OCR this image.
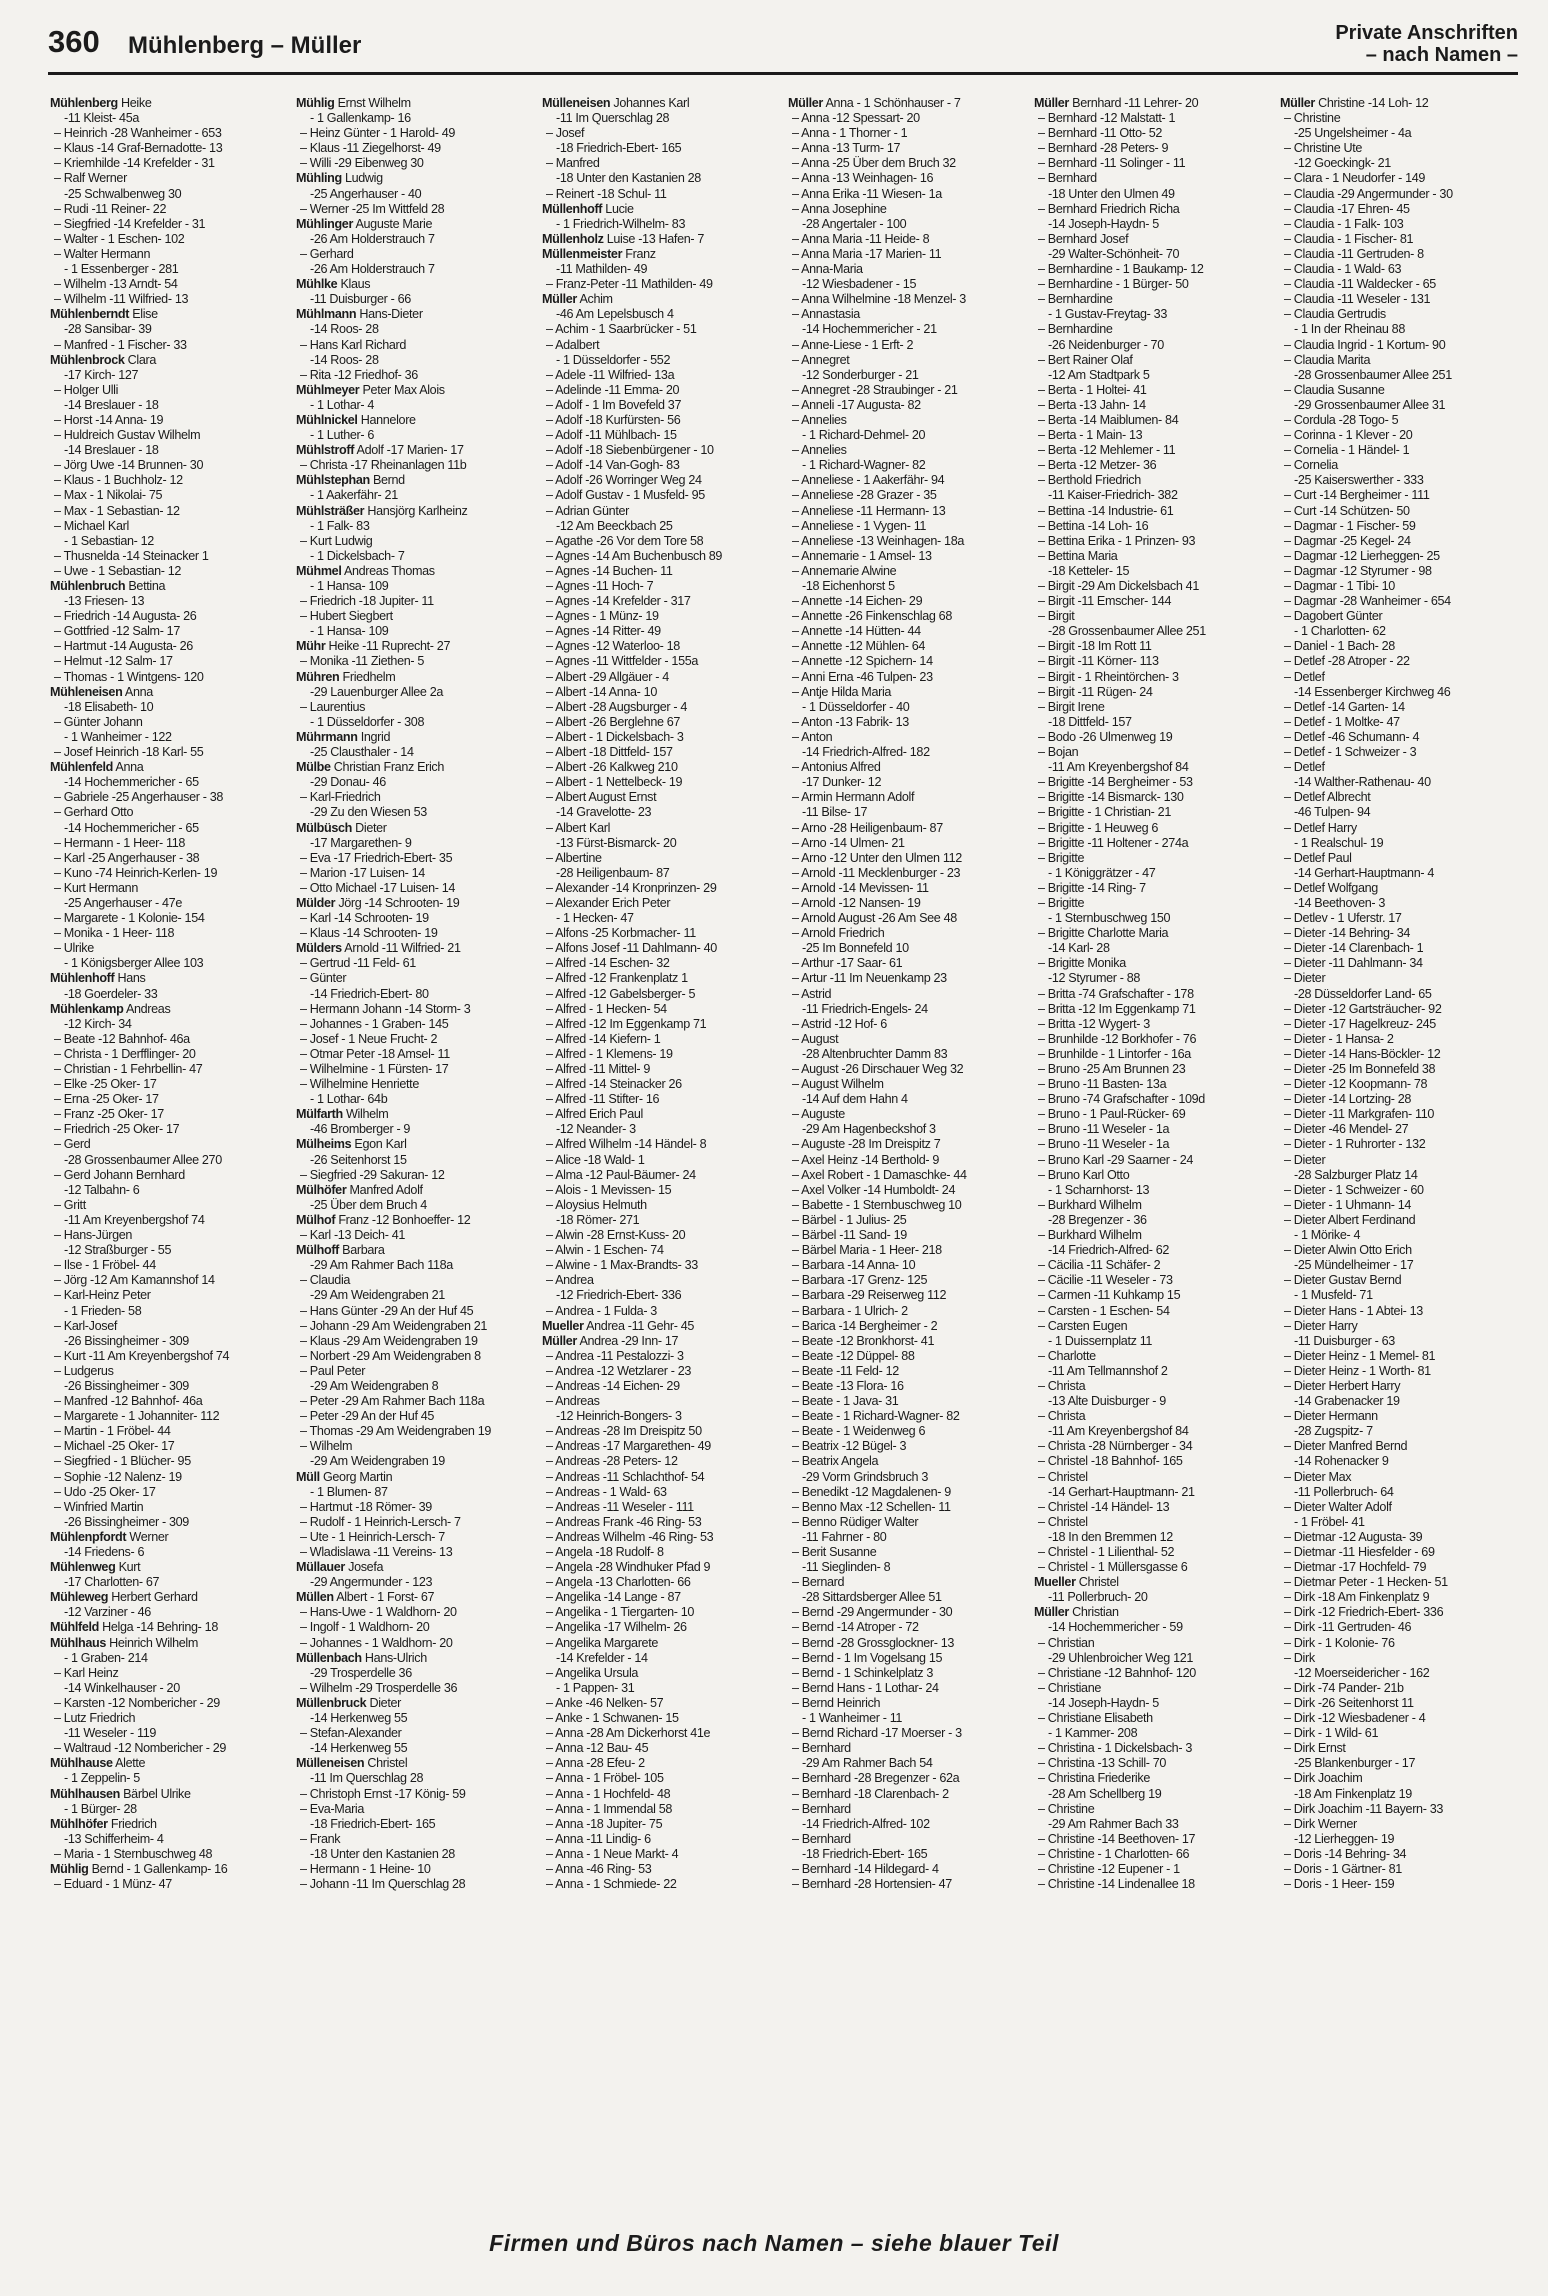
360 Mühlenberg – Müller	Private Anschriften
– nach Namen –
Mühlenberg Heike
-11 Kleist- 45a
– Heinrich -28 Wanheimer - 653
– Klaus -14 Graf-Bernadotte- 13
– Kriemhilde -14 Krefelder - 31
– Ralf Werner
-25 Schwalbenweg 30
– Rudi -11 Reiner- 22
– Siegfried -14 Krefelder - 31
– Walter - 1 Eschen- 102
– Walter Hermann
- 1 Essenberger - 281
– Wilhelm -13 Arndt- 54
– Wilhelm -11 Wilfried- 13
Mühlenberndt Elise
-28 Sansibar- 39
– Manfred - 1 Fischer- 33
Mühlenbrock Clara
-17 Kirch- 127
– Holger Ulli
-14 Breslauer - 18
– Horst -14 Anna- 19
– Huldreich Gustav Wilhelm
-14 Breslauer - 18
– Jörg Uwe -14 Brunnen- 30
– Klaus - 1 Buchholz- 12
– Max - 1 Nikolai- 75
– Max - 1 Sebastian- 12
– Michael Karl
- 1 Sebastian- 12
– Thusnelda -14 Steinacker 1
– Uwe - 1 Sebastian- 12
Mühlenbruch Bettina
-13 Friesen- 13
– Friedrich -14 Augusta- 26
– Gottfried -12 Salm- 17
– Hartmut -14 Augusta- 26
– Helmut -12 Salm- 17
– Thomas - 1 Wintgens- 120
Mühleneisen Anna
-18 Elisabeth- 10
– Günter Johann
- 1 Wanheimer - 122
– Josef Heinrich -18 Karl- 55
Mühlenfeld Anna
-14 Hochemmericher - 65
– Gabriele -25 Angerhauser - 38
– Gerhard Otto
-14 Hochemmericher - 65
– Hermann - 1 Heer- 118
– Karl -25 Angerhauser - 38
– Kuno -74 Heinrich-Kerlen- 19
– Kurt Hermann
-25 Angerhauser - 47e
– Margarete - 1 Kolonie- 154
– Monika - 1 Heer- 118
– Ulrike
- 1 Königsberger Allee 103
Mühlenhoff Hans
-18 Goerdeler- 33
Mühlenkamp Andreas
-12 Kirch- 34
– Beate -12 Bahnhof- 46a
– Christa - 1 Derfflinger- 20
– Christian - 1 Fehrbellin- 47
– Elke -25 Oker- 17
– Erna -25 Oker- 17
– Franz -25 Oker- 17
– Friedrich -25 Oker- 17
– Gerd
-28 Grossenbaumer Allee 270
– Gerd Johann Bernhard
-12 Talbahn- 6
– Gritt
-11 Am Kreyenbergshof 74
– Hans-Jürgen
-12 Straßburger - 55
– Ilse - 1 Fröbel- 44
– Jörg -12 Am Kamannshof 14
– Karl-Heinz Peter
- 1 Frieden- 58
– Karl-Josef
-26 Bissingheimer - 309
– Kurt -11 Am Kreyenbergshof 74
– Ludgerus
-26 Bissingheimer - 309
– Manfred -12 Bahnhof- 46a
– Margarete - 1 Johanniter- 112
– Martin - 1 Fröbel- 44
– Michael -25 Oker- 17
– Siegfried - 1 Blücher- 95
– Sophie -12 Nalenz- 19
– Udo -25 Oker- 17
– Winfried Martin
-26 Bissingheimer - 309
Mühlenpfordt Werner
-14 Friedens- 6
Mühlenweg Kurt
-17 Charlotten- 67
Mühleweg Herbert Gerhard
-12 Varziner - 46
Mühlfeld Helga -14 Behring- 18
Mühlhaus Heinrich Wilhelm
- 1 Graben- 214
– Karl Heinz
-14 Winkelhauser - 20
– Karsten -12 Nombericher - 29
– Lutz Friedrich
-11 Weseler - 119
– Waltraud -12 Nombericher - 29
Mühlhause Alette
- 1 Zeppelin- 5
Mühlhausen Bärbel Ulrike
- 1 Bürger- 28
Mühlhöfer Friedrich
-13 Schifferheim- 4
– Maria - 1 Sternbuschweg 48
Mühlig Bernd - 1 Gallenkamp- 16
– Eduard - 1 Münz- 47
Mühlig Ernst Wilhelm
- 1 Gallenkamp- 16
– Heinz Günter - 1 Harold- 49
– Klaus -11 Ziegelhorst- 49
– Willi -29 Eibenweg 30
Mühling Ludwig
-25 Angerhauser - 40
– Werner -25 Im Wittfeld 28
Mühlinger Auguste Marie
-26 Am Holderstrauch 7
– Gerhard
-26 Am Holderstrauch 7
Mühlke Klaus
-11 Duisburger - 66
Mühlmann Hans-Dieter
-14 Roos- 28
– Hans Karl Richard
-14 Roos- 28
– Rita -12 Friedhof- 36
Mühlmeyer Peter Max Alois
- 1 Lothar- 4
Mühlnickel Hannelore
- 1 Luther- 6
Mühlstroff Adolf -17 Marien- 17
– Christa -17 Rheinanlagen 11b
Mühlstephan Bernd
- 1 Aakerfähr- 21
Mühlsträßer Hansjörg Karlheinz
- 1 Falk- 83
– Kurt Ludwig
- 1 Dickelsbach- 7
Mühmel Andreas Thomas
- 1 Hansa- 109
– Friedrich -18 Jupiter- 11
– Hubert Siegbert
- 1 Hansa- 109
Mühr Heike -11 Ruprecht- 27
– Monika -11 Ziethen- 5
Mühren Friedhelm
-29 Lauenburger Allee 2a
– Laurentius
- 1 Düsseldorfer - 308
Mührmann Ingrid
-25 Clausthaler - 14
Mülbe Christian Franz Erich
-29 Donau- 46
– Karl-Friedrich
-29 Zu den Wiesen 53
Mülbüsch Dieter
-17 Margarethen- 9
– Eva -17 Friedrich-Ebert- 35
– Marion -17 Luisen- 14
– Otto Michael -17 Luisen- 14
Mülder Jörg -14 Schrooten- 19
– Karl -14 Schrooten- 19
– Klaus -14 Schrooten- 19
Mülders Arnold -11 Wilfried- 21
– Gertrud -11 Feld- 61
– Günter
-14 Friedrich-Ebert- 80
– Hermann Johann -14 Storm- 3
– Johannes - 1 Graben- 145
– Josef - 1 Neue Frucht- 2
– Otmar Peter -18 Amsel- 11
– Wilhelmine - 1 Fürsten- 17
– Wilhelmine Henriette
- 1 Lothar- 64b
Mülfarth Wilhelm
-46 Bromberger - 9
Mülheims Egon Karl
-26 Seitenhorst 15
– Siegfried -29 Sakuran- 12
Mülhöfer Manfred Adolf
-25 Über dem Bruch 4
Mülhof Franz -12 Bonhoeffer- 12
– Karl -13 Deich- 41
Mülhoff Barbara
-29 Am Rahmer Bach 118a
– Claudia
-29 Am Weidengraben 21
– Hans Günter -29 An der Huf 45
– Johann -29 Am Weidengraben 21
– Klaus -29 Am Weidengraben 19
– Norbert -29 Am Weidengraben 8
– Paul Peter
-29 Am Weidengraben 8
– Peter -29 Am Rahmer Bach 118a
– Peter -29 An der Huf 45
– Thomas -29 Am Weidengraben 19
– Wilhelm
-29 Am Weidengraben 19
Müll Georg Martin
- 1 Blumen- 87
– Hartmut -18 Römer- 39
– Rudolf - 1 Heinrich-Lersch- 7
– Ute - 1 Heinrich-Lersch- 7
– Wladislawa -11 Vereins- 13
Müllauer Josefa
-29 Angermunder - 123
Müllen Albert - 1 Forst- 67
– Hans-Uwe - 1 Waldhorn- 20
– Ingolf - 1 Waldhorn- 20
– Johannes - 1 Waldhorn- 20
Müllenbach Hans-Ulrich
-29 Trosperdelle 36
– Wilhelm -29 Trosperdelle 36
Müllenbruck Dieter
-14 Herkenweg 55
– Stefan-Alexander
-14 Herkenweg 55
Mülleneisen Christel
-11 Im Querschlag 28
– Christoph Ernst -17 König- 59
– Eva-Maria
-18 Friedrich-Ebert- 165
– Frank
-18 Unter den Kastanien 28
– Hermann - 1 Heine- 10
– Johann -11 Im Querschlag 28
Mülleneisen Johannes Karl
-11 Im Querschlag 28
– Josef
-18 Friedrich-Ebert- 165
– Manfred
-18 Unter den Kastanien 28
– Reinert -18 Schul- 11
Müllenhoff Lucie
- 1 Friedrich-Wilhelm- 83
Müllenholz Luise -13 Hafen- 7
Müllenmeister Franz
-11 Mathilden- 49
– Franz-Peter -11 Mathilden- 49
Müller Achim
-46 Am Lepelsbusch 4
– Achim - 1 Saarbrücker - 51
– Adalbert
- 1 Düsseldorfer - 552
– Adele -11 Wilfried- 13a
– Adelinde -11 Emma- 20
– Adolf - 1 Im Bovefeld 37
– Adolf -18 Kurfürsten- 56
– Adolf -11 Mühlbach- 15
– Adolf -18 Siebenbürgener - 10
– Adolf -14 Van-Gogh- 83
– Adolf -26 Worringer Weg 24
– Adolf Gustav - 1 Musfeld- 95
– Adrian Günter
-12 Am Beeckbach 25
– Agathe -26 Vor dem Tore 58
– Agnes -14 Am Buchenbusch 89
– Agnes -14 Buchen- 11
– Agnes -11 Hoch- 7
– Agnes -14 Krefelder - 317
– Agnes - 1 Münz- 19
– Agnes -14 Ritter- 49
– Agnes -12 Waterloo- 18
– Agnes -11 Wittfelder - 155a
– Albert -29 Allgäuer - 4
– Albert -14 Anna- 10
– Albert -28 Augsburger - 4
– Albert -26 Berglehne 67
– Albert - 1 Dickelsbach- 3
– Albert -18 Dittfeld- 157
– Albert -26 Kalkweg 210
– Albert - 1 Nettelbeck- 19
– Albert August Ernst
-14 Gravelotte- 23
– Albert Karl
-13 Fürst-Bismarck- 20
– Albertine
-28 Heiligenbaum- 87
– Alexander -14 Kronprinzen- 29
– Alexander Erich Peter
- 1 Hecken- 47
– Alfons -25 Korbmacher- 11
– Alfons Josef -11 Dahlmann- 40
– Alfred -14 Eschen- 32
– Alfred -12 Frankenplatz 1
– Alfred -12 Gabelsberger- 5
– Alfred - 1 Hecken- 54
– Alfred -12 Im Eggenkamp 71
– Alfred -14 Kiefern- 1
– Alfred - 1 Klemens- 19
– Alfred -11 Mittel- 9
– Alfred -14 Steinacker 26
– Alfred -11 Stifter- 16
– Alfred Erich Paul
-12 Neander- 3
– Alfred Wilhelm -14 Händel- 8
– Alice -18 Wald- 1
– Alma -12 Paul-Bäumer- 24
– Alois - 1 Mevissen- 15
– Aloysius Helmuth
-18 Römer- 271
– Alwin -28 Ernst-Kuss- 20
– Alwin - 1 Eschen- 74
– Alwine - 1 Max-Brandts- 33
– Andrea
-12 Friedrich-Ebert- 336
– Andrea - 1 Fulda- 3
Mueller Andrea -11 Gehr- 45
Müller Andrea -29 Inn- 17
– Andrea -11 Pestalozzi- 3
– Andrea -12 Wetzlarer - 23
– Andreas -14 Eichen- 29
– Andreas
-12 Heinrich-Bongers- 3
– Andreas -28 Im Dreispitz 50
– Andreas -17 Margarethen- 49
– Andreas -28 Peters- 12
– Andreas -11 Schlachthof- 54
– Andreas - 1 Wald- 63
– Andreas -11 Weseler - 111
– Andreas Frank -46 Ring- 53
– Andreas Wilhelm -46 Ring- 53
– Angela -18 Rudolf- 8
– Angela -28 Windhuker Pfad 9
– Angela -13 Charlotten- 66
– Angelika -14 Lange - 87
– Angelika - 1 Tiergarten- 10
– Angelika -17 Wilhelm- 26
– Angelika Margarete
-14 Krefelder - 14
– Angelika Ursula
- 1 Pappen- 31
– Anke -46 Nelken- 57
– Anke - 1 Schwanen- 15
– Anna -28 Am Dickerhorst 41e
– Anna -12 Bau- 45
– Anna -28 Efeu- 2
– Anna - 1 Fröbel- 105
– Anna - 1 Hochfeld- 48
– Anna - 1 Immendal 58
– Anna -18 Jupiter- 75
– Anna -11 Lindig- 6
– Anna - 1 Neue Markt- 4
– Anna -46 Ring- 53
– Anna - 1 Schmiede- 22
Müller Anna - 1 Schönhauser - 7
– Anna -12 Spessart- 20
– Anna - 1 Thorner - 1
– Anna -13 Turm- 17
– Anna -25 Über dem Bruch 32
– Anna -13 Weinhagen- 16
– Anna Erika -11 Wiesen- 1a
– Anna Josephine
-28 Angertaler - 100
– Anna Maria -11 Heide- 8
– Anna Maria -17 Marien- 11
– Anna-Maria
-12 Wiesbadener - 15
– Anna Wilhelmine -18 Menzel- 3
– Annastasia
-14 Hochemmericher - 21
– Anne-Liese - 1 Erft- 2
– Annegret
-12 Sonderburger - 21
– Annegret -28 Straubinger - 21
– Anneli -17 Augusta- 82
– Annelies
- 1 Richard-Dehmel- 20
– Annelies
- 1 Richard-Wagner- 82
– Anneliese - 1 Aakerfähr- 94
– Anneliese -28 Grazer - 35
– Anneliese -11 Hermann- 13
– Anneliese - 1 Vygen- 11
– Anneliese -13 Weinhagen- 18a
– Annemarie - 1 Amsel- 13
– Annemarie Alwine
-18 Eichenhorst 5
– Annette -14 Eichen- 29
– Annette -26 Finkenschlag 68
– Annette -14 Hütten- 44
– Annette -12 Mühlen- 64
– Annette -12 Spichern- 14
– Anni Erna -46 Tulpen- 23
– Antje Hilda Maria
- 1 Düsseldorfer - 40
– Anton -13 Fabrik- 13
– Anton
-14 Friedrich-Alfred- 182
– Antonius Alfred
-17 Dunker- 12
– Armin Hermann Adolf
-11 Bilse- 17
– Arno -28 Heiligenbaum- 87
– Arno -14 Ulmen- 21
– Arno -12 Unter den Ulmen 112
– Arnold -11 Mecklenburger - 23
– Arnold -14 Mevissen- 11
– Arnold -12 Nansen- 19
– Arnold August -26 Am See 48
– Arnold Friedrich
-25 Im Bonnefeld 10
– Arthur -17 Saar- 61
– Artur -11 Im Neuenkamp 23
– Astrid
-11 Friedrich-Engels- 24
– Astrid -12 Hof- 6
– August
-28 Altenbruchter Damm 83
– August -26 Dirschauer Weg 32
– August Wilhelm
-14 Auf dem Hahn 4
– Auguste
-29 Am Hagenbeckshof 3
– Auguste -28 Im Dreispitz 7
– Axel Heinz -14 Berthold- 9
– Axel Robert - 1 Damaschke- 44
– Axel Volker -14 Humboldt- 24
– Babette - 1 Sternbuschweg 10
– Bärbel - 1 Julius- 25
– Bärbel -11 Sand- 19
– Bärbel Maria - 1 Heer- 218
– Barbara -14 Anna- 10
– Barbara -17 Grenz- 125
– Barbara -29 Reiserweg 112
– Barbara - 1 Ulrich- 2
– Barica -14 Bergheimer - 2
– Beate -12 Bronkhorst- 41
– Beate -12 Düppel- 88
– Beate -11 Feld- 12
– Beate -13 Flora- 16
– Beate - 1 Java- 31
– Beate - 1 Richard-Wagner- 82
– Beate - 1 Weidenweg 6
– Beatrix -12 Bügel- 3
– Beatrix Angela
-29 Vorm Grindsbruch 3
– Benedikt -12 Magdalenen- 9
– Benno Max -12 Schellen- 11
– Benno Rüdiger Walter
-11 Fahrner - 80
– Berit Susanne
-11 Sieglinden- 8
– Bernard
-28 Sittardsberger Allee 51
– Bernd -29 Angermunder - 30
– Bernd -14 Atroper - 72
– Bernd -28 Grossglockner- 13
– Bernd - 1 Im Vogelsang 15
– Bernd - 1 Schinkelplatz 3
– Bernd Hans - 1 Lothar- 24
– Bernd Heinrich
- 1 Wanheimer - 11
– Bernd Richard -17 Moerser - 3
– Bernhard
-29 Am Rahmer Bach 54
– Bernhard -28 Bregenzer - 62a
– Bernhard -18 Clarenbach- 2
– Bernhard
-14 Friedrich-Alfred- 102
– Bernhard
-18 Friedrich-Ebert- 165
– Bernhard -14 Hildegard- 4
– Bernhard -28 Hortensien- 47
Müller Bernhard -11 Lehrer- 20
– Bernhard -12 Malstatt- 1
– Bernhard -11 Otto- 52
– Bernhard -28 Peters- 9
– Bernhard -11 Solinger - 11
– Bernhard
-18 Unter den Ulmen 49
– Bernhard Friedrich Richa
-14 Joseph-Haydn- 5
– Bernhard Josef
-29 Walter-Schönheit- 70
– Bernhardine - 1 Baukamp- 12
– Bernhardine - 1 Bürger- 50
– Bernhardine
- 1 Gustav-Freytag- 33
– Bernhardine
-26 Neidenburger - 70
– Bert Rainer Olaf
-12 Am Stadtpark 5
– Berta - 1 Holtei- 41
– Berta -13 Jahn- 14
– Berta -14 Maiblumen- 84
– Berta - 1 Main- 13
– Berta -12 Mehlemer - 11
– Berta -12 Metzer- 36
– Berthold Friedrich
-11 Kaiser-Friedrich- 382
– Bettina -14 Industrie- 61
– Bettina -14 Loh- 16
– Bettina Erika - 1 Prinzen- 93
– Bettina Maria
-18 Ketteler- 15
– Birgit -29 Am Dickelsbach 41
– Birgit -11 Emscher- 144
– Birgit
-28 Grossenbaumer Allee 251
– Birgit -18 Im Rott 11
– Birgit -11 Körner- 113
– Birgit - 1 Rheintörchen- 3
– Birgit -11 Rügen- 24
– Birgit Irene
-18 Dittfeld- 157
– Bodo -26 Ulmenweg 19
– Bojan
-11 Am Kreyenbergshof 84
– Brigitte -14 Bergheimer - 53
– Brigitte -14 Bismarck- 130
– Brigitte - 1 Christian- 21
– Brigitte - 1 Heuweg 6
– Brigitte -11 Holtener - 274a
– Brigitte
- 1 Königgrätzer - 47
– Brigitte -14 Ring- 7
– Brigitte
- 1 Sternbuschweg 150
– Brigitte Charlotte Maria
-14 Karl- 28
– Brigitte Monika
-12 Styrumer - 88
– Britta -74 Grafschafter - 178
– Britta -12 Im Eggenkamp 71
– Britta -12 Wygert- 3
– Brunhilde -12 Borkhofer - 76
– Brunhilde - 1 Lintorfer - 16a
– Bruno -25 Am Brunnen 23
– Bruno -11 Basten- 13a
– Bruno -74 Grafschafter - 109d
– Bruno - 1 Paul-Rücker- 69
– Bruno -11 Weseler - 1a
– Bruno -11 Weseler - 1a
– Bruno Karl -29 Saarner - 24
– Bruno Karl Otto
- 1 Scharnhorst- 13
– Burkhard Wilhelm
-28 Bregenzer - 36
– Burkhard Wilhelm
-14 Friedrich-Alfred- 62
– Cäcilia -11 Schäfer- 2
– Cäcilie -11 Weseler - 73
– Carmen -11 Kuhkamp 15
– Carsten - 1 Eschen- 54
– Carsten Eugen
- 1 Duissernplatz 11
– Charlotte
-11 Am Tellmannshof 2
– Christa
-13 Alte Duisburger - 9
– Christa
-11 Am Kreyenbergshof 84
– Christa -28 Nürnberger - 34
– Christel -18 Bahnhof- 165
– Christel
-14 Gerhart-Hauptmann- 21
– Christel -14 Händel- 13
– Christel
-18 In den Bremmen 12
– Christel - 1 Lilienthal- 52
– Christel - 1 Müllersgasse 6
Mueller Christel
-11 Pollerbruch- 20
Müller Christian
-14 Hochemmericher - 59
– Christian
-29 Uhlenbroicher Weg 121
– Christiane -12 Bahnhof- 120
– Christiane
-14 Joseph-Haydn- 5
– Christiane Elisabeth
- 1 Kammer- 208
– Christina - 1 Dickelsbach- 3
– Christina -13 Schill- 70
– Christina Friederike
-28 Am Schellberg 19
– Christine
-29 Am Rahmer Bach 33
– Christine -14 Beethoven- 17
– Christine - 1 Charlotten- 66
– Christine -12 Eupener - 1
– Christine -14 Lindenallee 18
Müller Christine -14 Loh- 12
– Christine
-25 Ungelsheimer - 4a
– Christine Ute
-12 Goeckingk- 21
– Clara - 1 Neudorfer - 149
– Claudia -29 Angermunder - 30
– Claudia -17 Ehren- 45
– Claudia - 1 Falk- 103
– Claudia - 1 Fischer- 81
– Claudia -11 Gertruden- 8
– Claudia - 1 Wald- 63
– Claudia -11 Waldecker - 65
– Claudia -11 Weseler - 131
– Claudia Gertrudis
- 1 In der Rheinau 88
– Claudia Ingrid - 1 Kortum- 90
– Claudia Marita
-28 Grossenbaumer Allee 251
– Claudia Susanne
-29 Grossenbaumer Allee 31
– Cordula -28 Togo- 5
– Corinna - 1 Klever - 20
– Cornelia - 1 Händel- 1
– Cornelia
-25 Kaiserswerther - 333
– Curt -14 Bergheimer - 111
– Curt -14 Schützen- 50
– Dagmar - 1 Fischer- 59
– Dagmar -25 Kegel- 24
– Dagmar -12 Lierheggen- 25
– Dagmar -12 Styrumer - 98
– Dagmar - 1 Tibi- 10
– Dagmar -28 Wanheimer - 654
– Dagobert Günter
- 1 Charlotten- 62
– Daniel - 1 Bach- 28
– Detlef -28 Atroper - 22
– Detlef
-14 Essenberger Kirchweg 46
– Detlef -14 Garten- 14
– Detlef - 1 Moltke- 47
– Detlef -46 Schumann- 4
– Detlef - 1 Schweizer - 3
– Detlef
-14 Walther-Rathenau- 40
– Detlef Albrecht
-46 Tulpen- 94
– Detlef Harry
- 1 Realschul- 19
– Detlef Paul
-14 Gerhart-Hauptmann- 4
– Detlef Wolfgang
-14 Beethoven- 3
– Detlev - 1 Uferstr. 17
– Dieter -14 Behring- 34
– Dieter -14 Clarenbach- 1
– Dieter -11 Dahlmann- 34
– Dieter
-28 Düsseldorfer Land- 65
– Dieter -12 Gartsträucher- 92
– Dieter -17 Hagelkreuz- 245
– Dieter - 1 Hansa- 2
– Dieter -14 Hans-Böckler- 12
– Dieter -25 Im Bonnefeld 38
– Dieter -12 Koopmann- 78
– Dieter -14 Lortzing- 28
– Dieter -11 Markgrafen- 110
– Dieter -46 Mendel- 27
– Dieter - 1 Ruhrorter - 132
– Dieter
-28 Salzburger Platz 14
– Dieter - 1 Schweizer - 60
– Dieter - 1 Uhmann- 14
– Dieter Albert Ferdinand
- 1 Mörike- 4
– Dieter Alwin Otto Erich
-25 Mündelheimer - 17
– Dieter Gustav Bernd
- 1 Musfeld- 71
– Dieter Hans - 1 Abtei- 13
– Dieter Harry
-11 Duisburger - 63
– Dieter Heinz - 1 Memel- 81
– Dieter Heinz - 1 Worth- 81
– Dieter Herbert Harry
-14 Grabenacker 19
– Dieter Hermann
-28 Zugspitz- 7
– Dieter Manfred Bernd
-14 Rohenacker 9
– Dieter Max
-11 Pollerbruch- 64
– Dieter Walter Adolf
- 1 Fröbel- 41
– Dietmar -12 Augusta- 39
– Dietmar -11 Hiesfelder - 69
– Dietmar -17 Hochfeld- 79
– Dietmar Peter - 1 Hecken- 51
– Dirk -18 Am Finkenplatz 9
– Dirk -12 Friedrich-Ebert- 336
– Dirk -11 Gertruden- 46
– Dirk - 1 Kolonie- 76
– Dirk
-12 Moerseidericher - 162
– Dirk -74 Pander- 21b
– Dirk -26 Seitenhorst 11
– Dirk -12 Wiesbadener - 4
– Dirk - 1 Wild- 61
– Dirk Ernst
-25 Blankenburger - 17
– Dirk Joachim
-18 Am Finkenplatz 19
– Dirk Joachim -11 Bayern- 33
– Dirk Werner
-12 Lierheggen- 19
– Doris -14 Behring- 34
– Doris - 1 Gärtner- 81
– Doris - 1 Heer- 159
Firmen und Büros nach Namen – siehe blauer Teil
